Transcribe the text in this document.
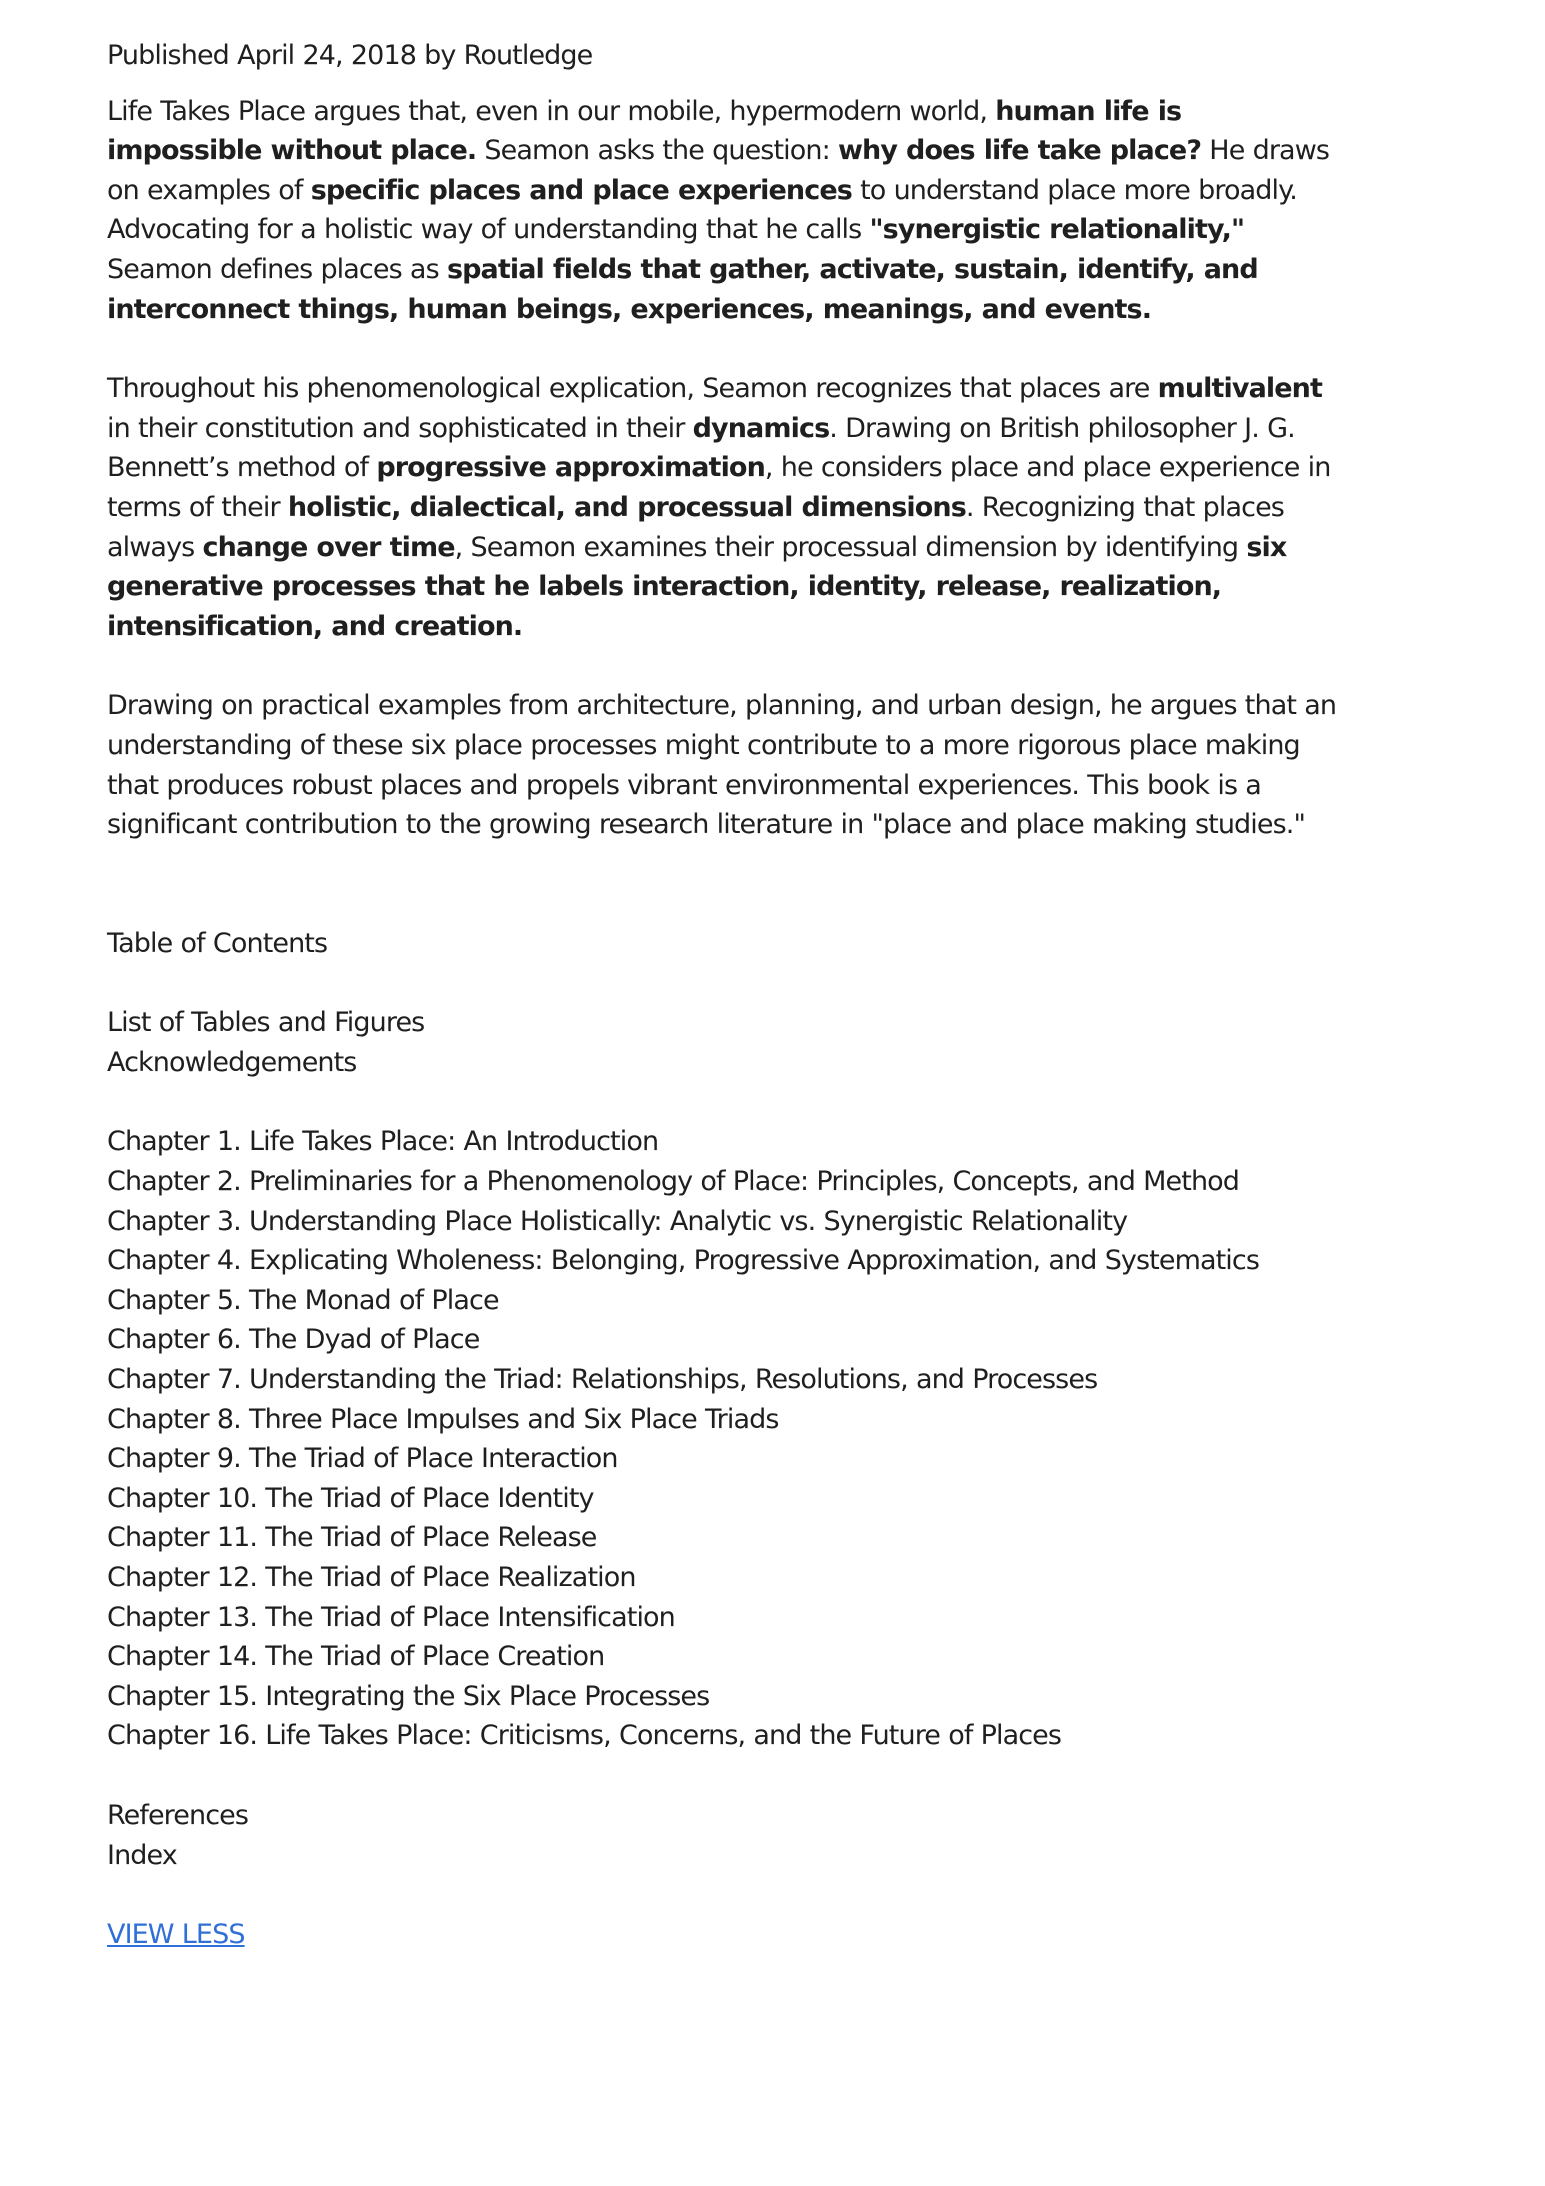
Published April 24, 2018 by Routledge

Life Takes Place argues that, even in our mobile, hypermodern world, human life is impossible without place. Seamon asks the question: why does life take place? He draws on examples of specific places and place experiences to understand place more broadly. Advocating for a holistic way of understanding that he calls "synergistic relationality," Seamon defines places as spatial fields that gather, activate, sustain, identify, and interconnect things, human beings, experiences, meanings, and events.

Throughout his phenomenological explication, Seamon recognizes that places are multivalent in their constitution and sophisticated in their dynamics. Drawing on British philosopher J. G. Bennett’s method of progressive approximation, he considers place and place experience in terms of their holistic, dialectical, and processual dimensions. Recognizing that places always change over time, Seamon examines their processual dimension by identifying six generative processes that he labels interaction, identity, release, realization, intensification, and creation.

Drawing on practical examples from architecture, planning, and urban design, he argues that an understanding of these six place processes might contribute to a more rigorous place making that produces robust places and propels vibrant environmental experiences. This book is a significant contribution to the growing research literature in "place and place making studies."

Table of Contents
List of Tables and Figures
Acknowledgements
Chapter 1. Life Takes Place: An Introduction
Chapter 2. Preliminaries for a Phenomenology of Place: Principles, Concepts, and Method
Chapter 3. Understanding Place Holistically: Analytic vs. Synergistic Relationality
Chapter 4. Explicating Wholeness: Belonging, Progressive Approximation, and Systematics
Chapter 5. The Monad of Place
Chapter 6. The Dyad of Place
Chapter 7. Understanding the Triad: Relationships, Resolutions, and Processes
Chapter 8. Three Place Impulses and Six Place Triads
Chapter 9. The Triad of Place Interaction
Chapter 10. The Triad of Place Identity
Chapter 11. The Triad of Place Release
Chapter 12. The Triad of Place Realization
Chapter 13. The Triad of Place Intensification
Chapter 14. The Triad of Place Creation
Chapter 15. Integrating the Six Place Processes
Chapter 16. Life Takes Place: Criticisms, Concerns, and the Future of Places
References
Index
VIEW LESS
